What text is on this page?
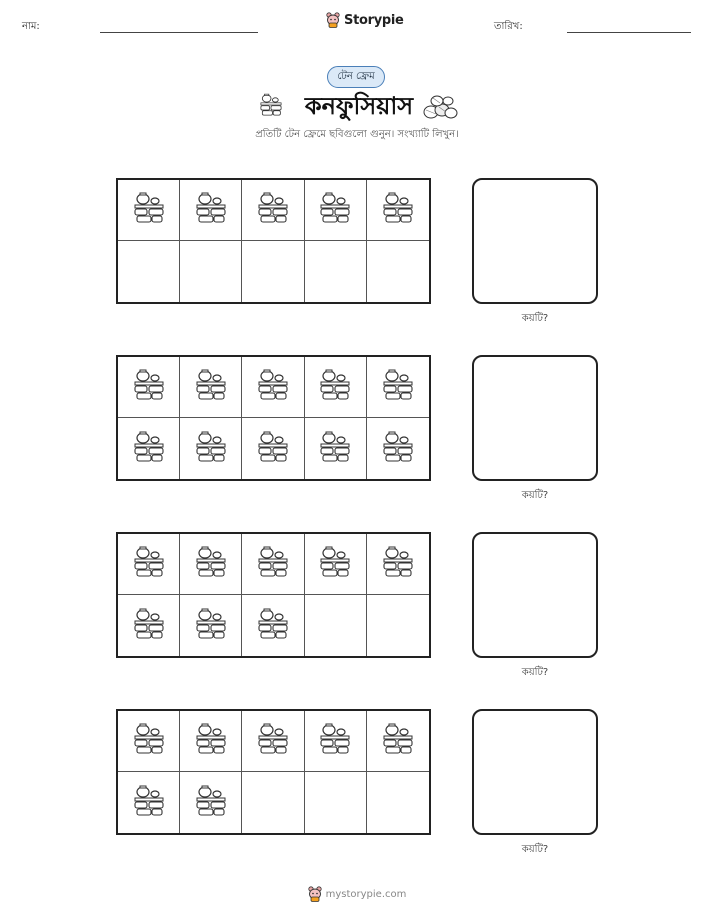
নাম:	Storypie	তারিখ:
টেন ফ্রেম
কনফুসিয়াস
প্রতিটি টেন ফ্রেমে ছবিগুলো গুনুন। সংখ্যাটি লিখুন।
কয়টি?
কয়টি?
কয়টি?
কয়টি?
mystorypie.com
